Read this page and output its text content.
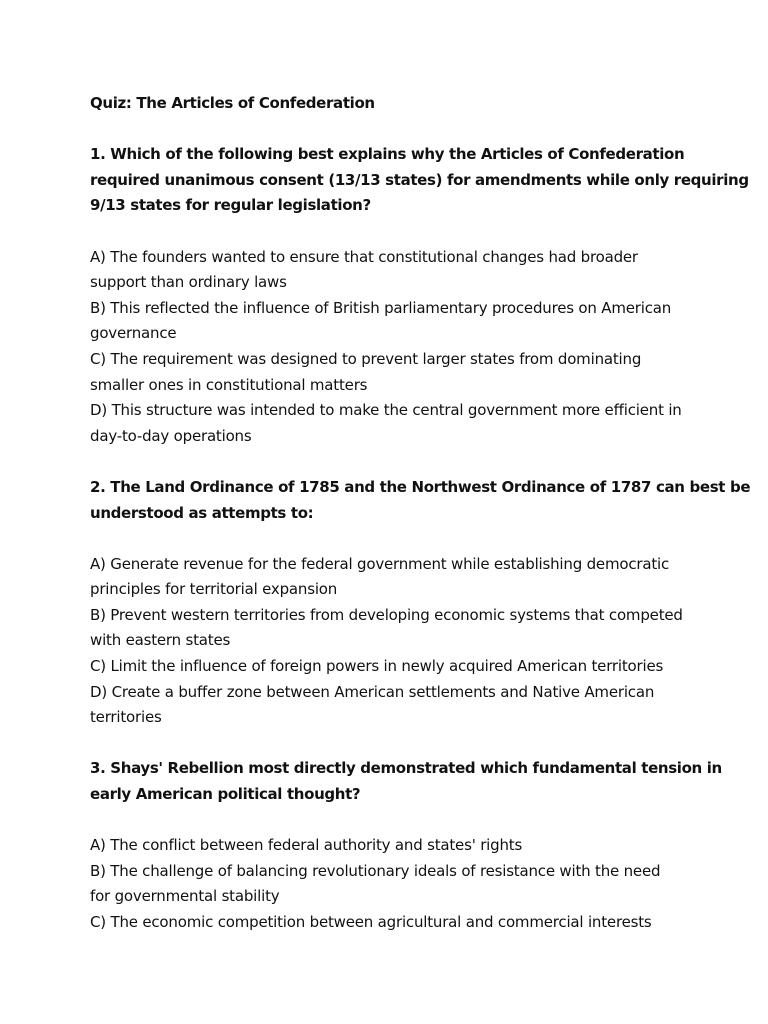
Quiz: The Articles of Confederation
1. Which of the following best explains why the Articles of Confederation
required unanimous consent (13/13 states) for amendments while only requiring
9/13 states for regular legislation?
A) The founders wanted to ensure that constitutional changes had broader
support than ordinary laws
B) This reflected the influence of British parliamentary procedures on American
governance
C) The requirement was designed to prevent larger states from dominating
smaller ones in constitutional matters
D) This structure was intended to make the central government more efficient in
day-to-day operations
2. The Land Ordinance of 1785 and the Northwest Ordinance of 1787 can best be
understood as attempts to:
A) Generate revenue for the federal government while establishing democratic
principles for territorial expansion
B) Prevent western territories from developing economic systems that competed
with eastern states
C) Limit the influence of foreign powers in newly acquired American territories
D) Create a buffer zone between American settlements and Native American
territories
3. Shays' Rebellion most directly demonstrated which fundamental tension in
early American political thought?
A) The conflict between federal authority and states' rights
B) The challenge of balancing revolutionary ideals of resistance with the need
for governmental stability
C) The economic competition between agricultural and commercial interests
